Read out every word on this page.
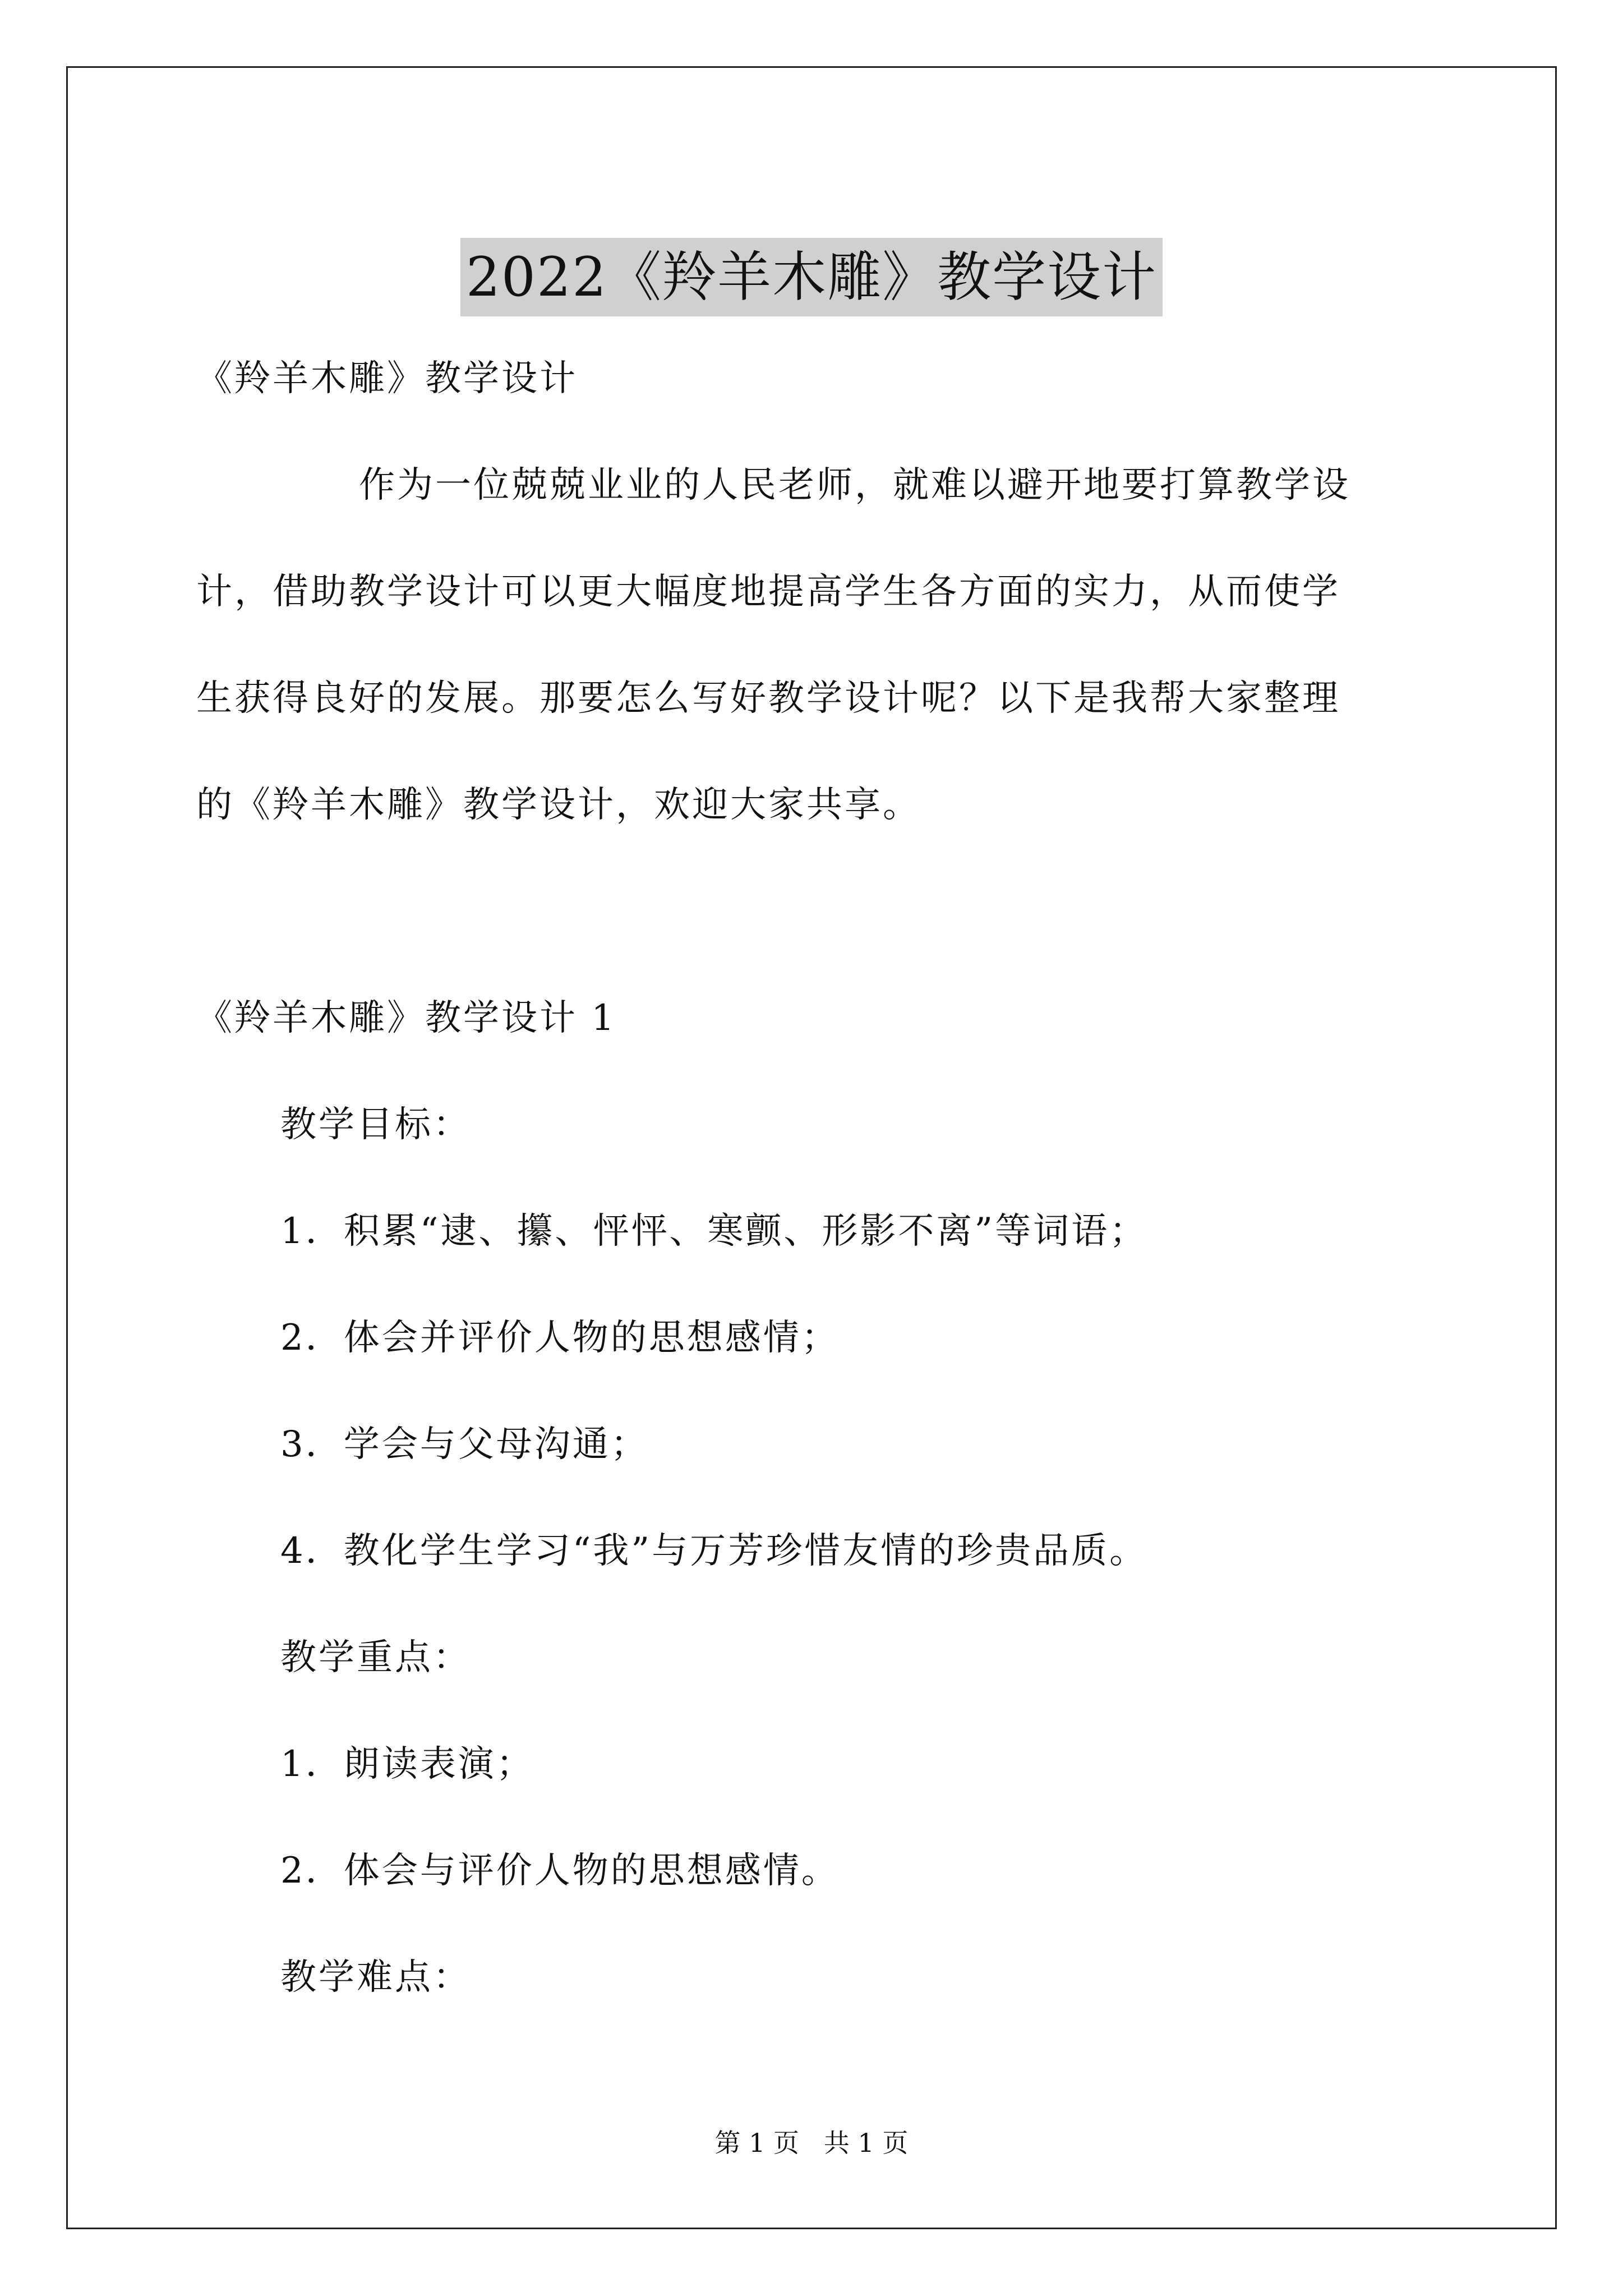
2022《羚羊木雕》教学设计
《羚羊木雕》教学设计
作为一位兢兢业业的人民老师，就难以避开地要打算教学设
计，借助教学设计可以更大幅度地提高学生各方面的实力，从而使学
生获得良好的发展。那要怎么写好教学设计呢？以下是我帮大家整理
的《羚羊木雕》教学设计，欢迎大家共享。
《羚羊木雕》教学设计 1
教学目标：
1．积累“逮、攥、怦怦、寒颤、形影不离”等词语；
2．体会并评价人物的思想感情；
3．学会与父母沟通；
4．教化学生学习“我”与万芳珍惜友情的珍贵品质。
教学重点：
1．朗读表演；
2．体会与评价人物的思想感情。
教学难点：
第 1 页   共 1 页
